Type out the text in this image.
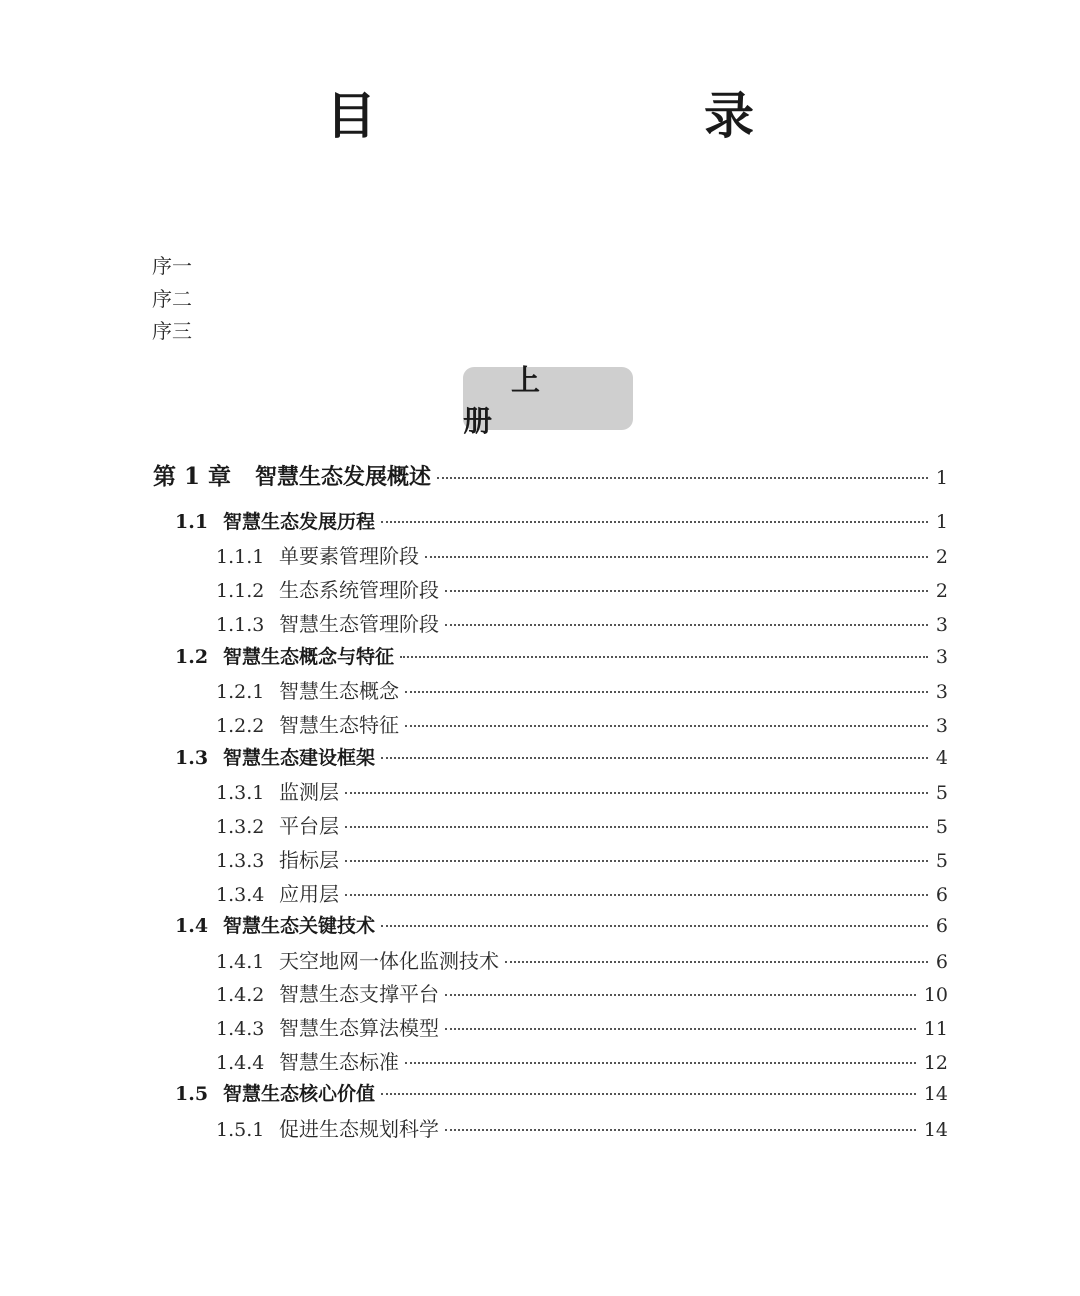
目　　录
序一
序二
序三
上册
第 1 章 智慧生态发展概述	1
1.1 智慧生态发展历程	1
1.1.1 单要素管理阶段	2
1.1.2 生态系统管理阶段	2
1.1.3 智慧生态管理阶段	3
1.2 智慧生态概念与特征	3
1.2.1 智慧生态概念	3
1.2.2 智慧生态特征	3
1.3 智慧生态建设框架	4
1.3.1 监测层	5
1.3.2 平台层	5
1.3.3 指标层	5
1.3.4 应用层	6
1.4 智慧生态关键技术	6
1.4.1 天空地网一体化监测技术	6
1.4.2 智慧生态支撑平台	10
1.4.3 智慧生态算法模型	11
1.4.4 智慧生态标准	12
1.5 智慧生态核心价值	14
1.5.1 促进生态规划科学	14
